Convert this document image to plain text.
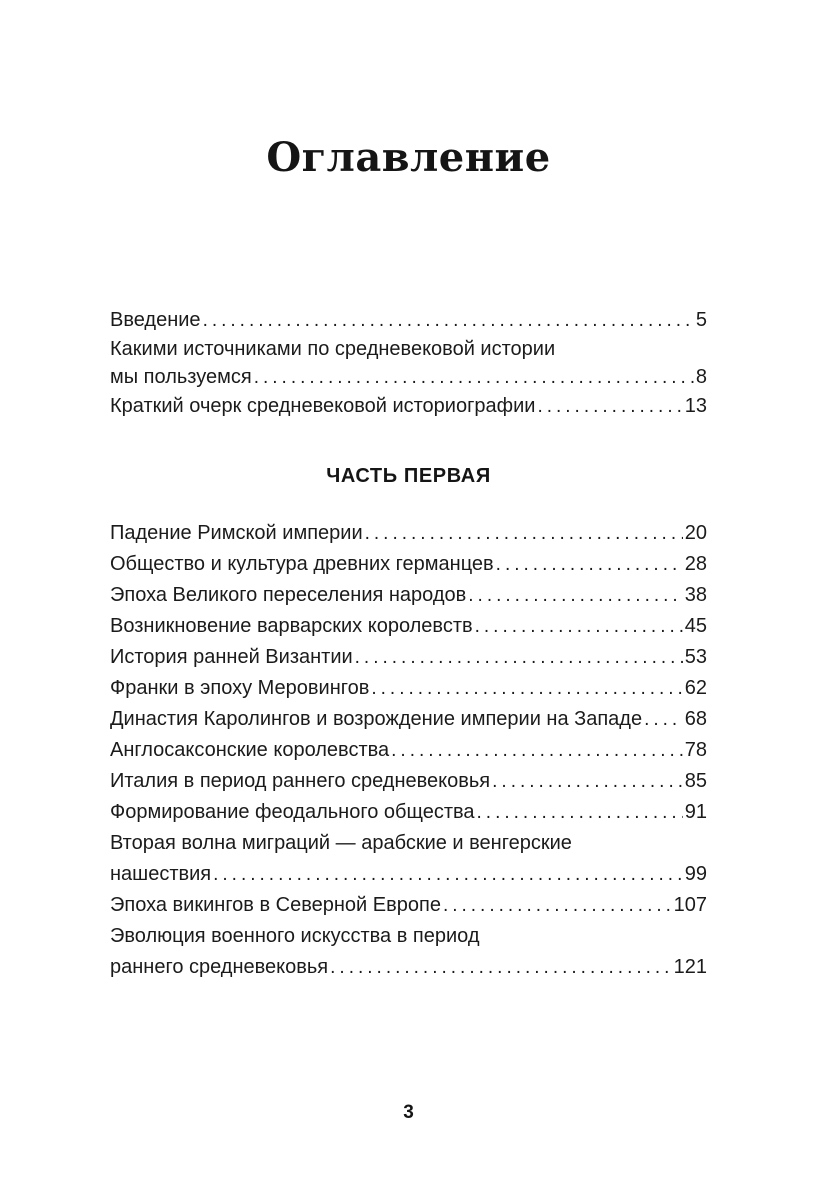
Оглавление
Введение .....	5
Какими источниками по средневековой истории
мы пользуемся .....	8
Краткий очерк средневековой историографии .....	13
ЧАСТЬ ПЕРВАЯ
Падение Римской империи .....	20
Общество и культура древних германцев .....	28
Эпоха Великого переселения народов .....	38
Возникновение варварских королевств .....	45
История ранней Византии .....	53
Франки в эпоху Меровингов .....	62
Династия Каролингов и возрождение империи на Западе ..... 68
Англосаксонские королевства .....	78
Италия в период раннего средневековья .....	85
Формирование феодального общества .....	91
Вторая волна миграций — арабские и венгерские
нашествия .....	99
Эпоха викингов в Северной Европе .....	107
Эволюция военного искусства в период
раннего средневековья .....	121
3
